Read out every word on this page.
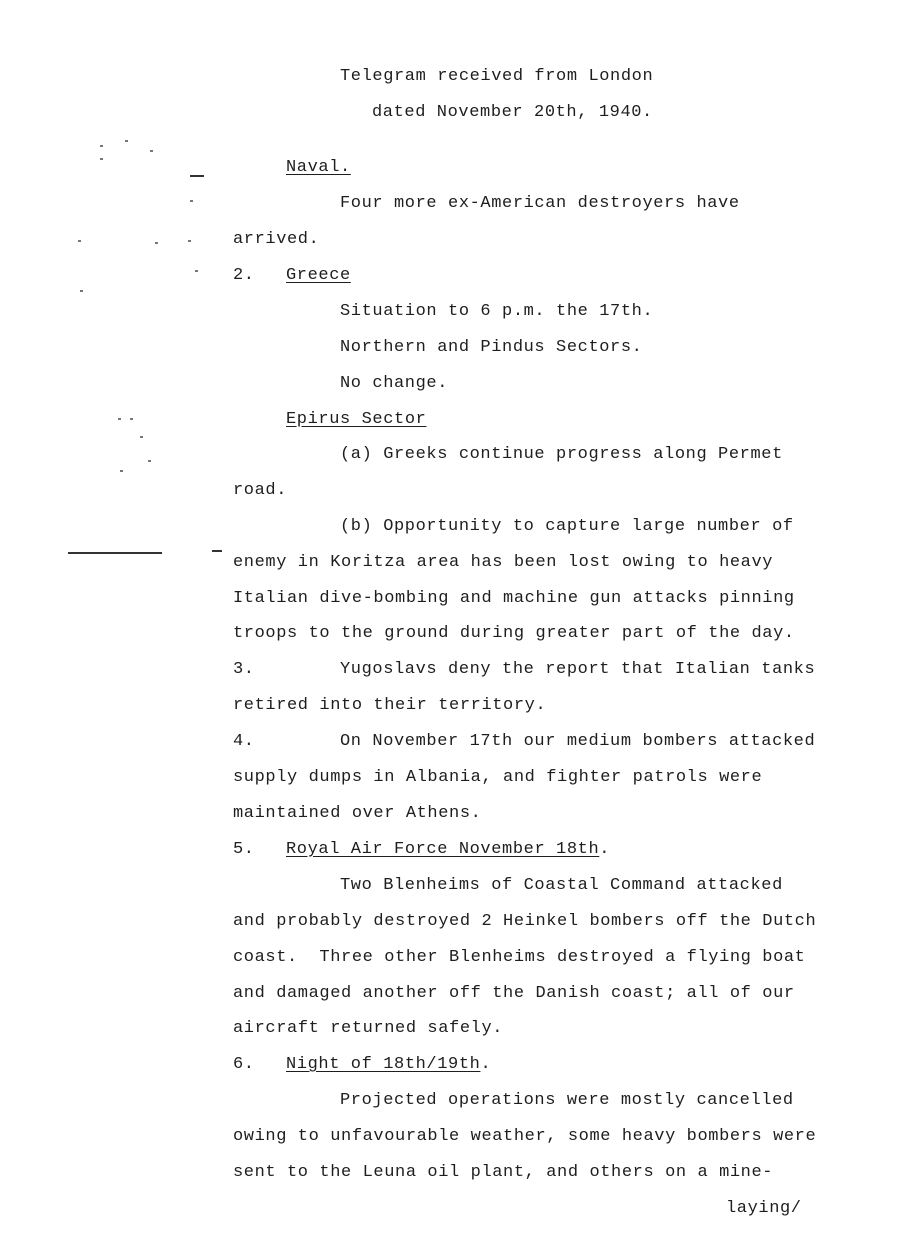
Telegram received from London
dated November 20th, 1940.
Naval.
Four more ex-American destroyers have
arrived.
2. Greece
Situation to 6 p.m. the 17th.
Northern and Pindus Sectors.
No change.
Epirus Sector
(a) Greeks continue progress along Permet
road.
(b) Opportunity to capture large number of
enemy in Koritza area has been lost owing to heavy
Italian dive-bombing and machine gun attacks pinning
troops to the ground during greater part of the day.
3.	Yugoslavs deny the report that Italian tanks
retired into their territory.
4.	On November 17th our medium bombers attacked
supply dumps in Albania, and fighter patrols were
maintained over Athens.
5. Royal Air Force November 18th.
Two Blenheims of Coastal Command attacked
and probably destroyed 2 Heinkel bombers off the Dutch
coast.  Three other Blenheims destroyed a flying boat
and damaged another off the Danish coast; all of our
aircraft returned safely.
6. Night of 18th/19th.
Projected operations were mostly cancelled
owing to unfavourable weather, some heavy bombers were
sent to the Leuna oil plant, and others on a mine-
laying/
